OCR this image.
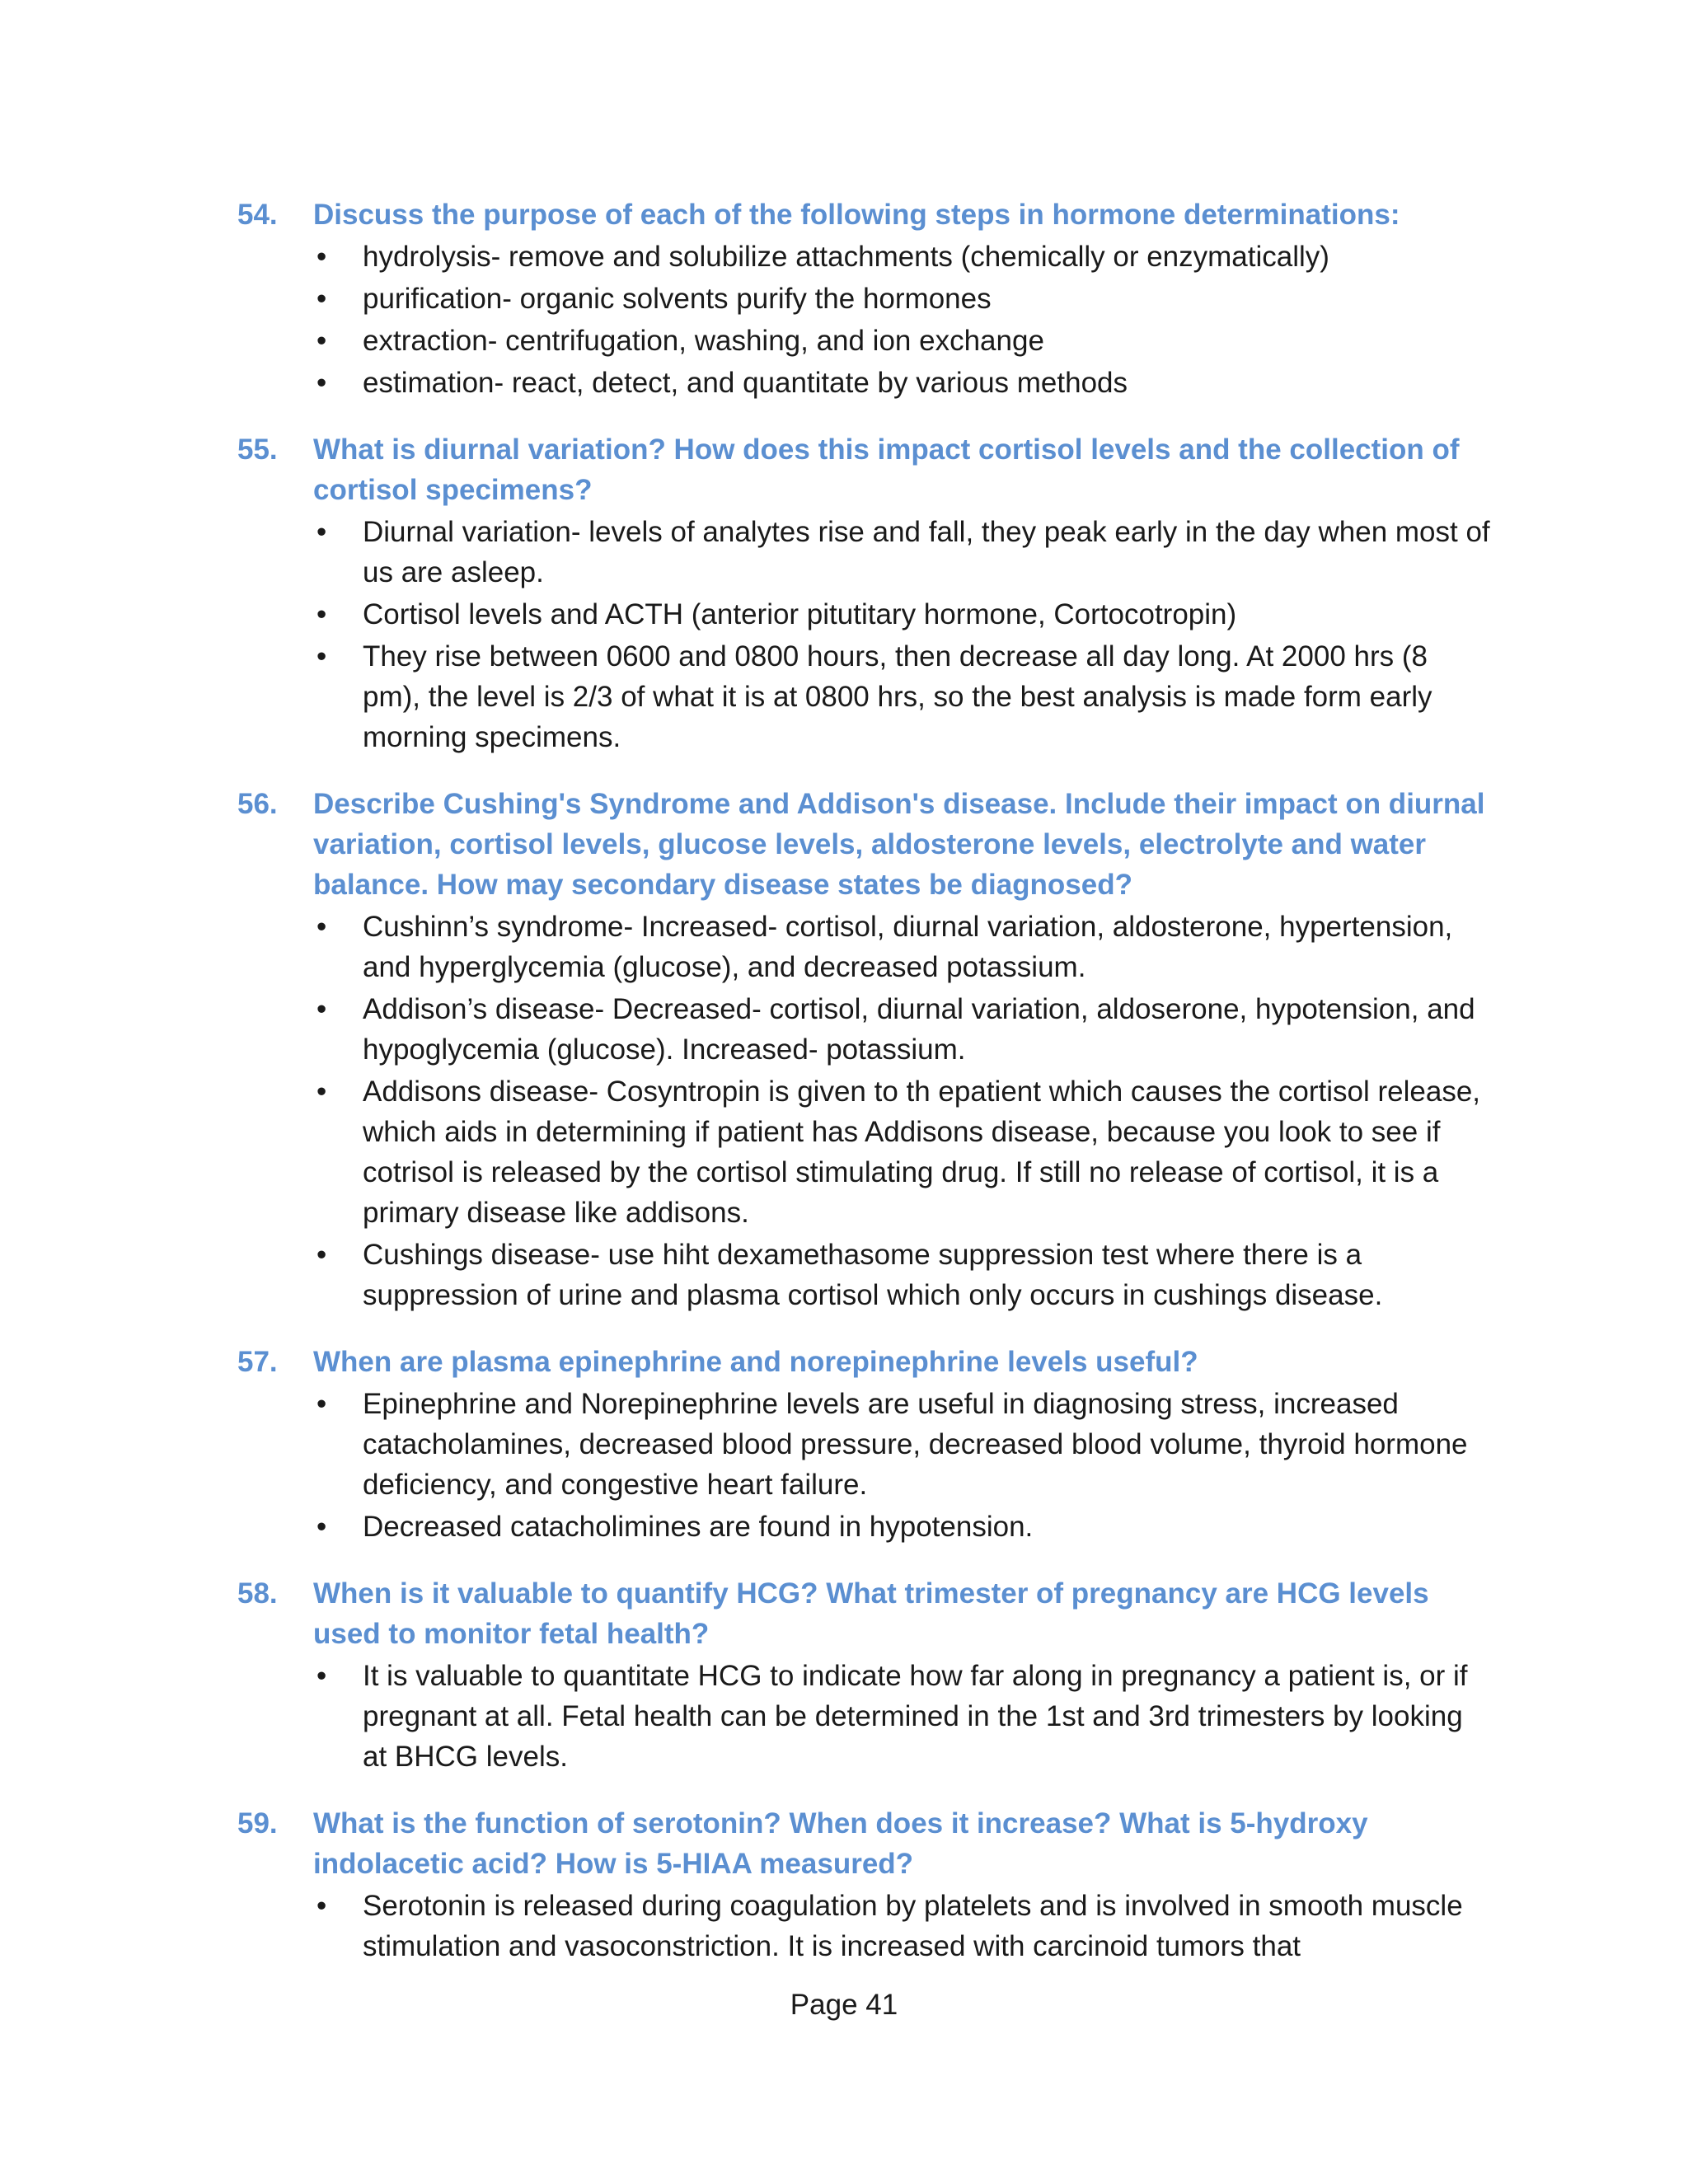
54.	Discuss the purpose of each of the following steps in hormone determinations:
• hydrolysis- remove and solubilize attachments (chemically or enzymatically)
• purification- organic solvents purify the hormones
• extraction- centrifugation, washing, and ion exchange
• estimation- react, detect, and quantitate by various methods
55.	What is diurnal variation? How does this impact cortisol levels and the collection of cortisol specimens?
• Diurnal variation- levels of analytes rise and fall, they peak early in the day when most of us are asleep.
• Cortisol levels and ACTH (anterior pitutitary hormone, Cortocotropin)
• They rise between 0600 and 0800 hours, then decrease all day long. At 2000 hrs (8 pm), the level is 2/3 of what it is at 0800 hrs, so the best analysis is made form early morning specimens.
56.	Describe Cushing's Syndrome and Addison's disease. Include their impact on diurnal variation, cortisol levels, glucose levels, aldosterone levels, electrolyte and water balance. How may secondary disease states be diagnosed?
• Cushinn’s syndrome- Increased- cortisol, diurnal variation, aldosterone, hypertension, and hyperglycemia (glucose), and decreased potassium.
• Addison’s disease- Decreased- cortisol, diurnal variation, aldoserone, hypotension, and hypoglycemia (glucose). Increased- potassium.
• Addisons disease- Cosyntropin is given to th epatient which causes the cortisol release, which aids in determining if patient has Addisons disease, because you look to see if cotrisol is released by the cortisol stimulating drug. If still no release of cortisol, it is a primary disease like addisons.
• Cushings disease- use hiht dexamethasome suppression test where there is a suppression of urine and plasma cortisol which only occurs in cushings disease.
57.	When are plasma epinephrine and norepinephrine levels useful?
• Epinephrine and Norepinephrine levels are useful in diagnosing stress, increased catacholamines, decreased blood pressure, decreased blood volume, thyroid hormone deficiency, and congestive heart failure.
• Decreased catacholimines are found in hypotension.
58.	When is it valuable to quantify HCG? What trimester of pregnancy are HCG levels used to monitor fetal health?
• It is valuable to quantitate HCG to indicate how far along in pregnancy a patient is, or if pregnant at all. Fetal health can be determined in the 1st and 3rd trimesters by looking at BHCG levels.
59.	What is the function of serotonin? When does it increase? What is 5-hydroxy indolacetic acid? How is 5-HIAA measured?
• Serotonin is released during coagulation by platelets and is involved in smooth muscle stimulation and vasoconstriction. It is increased with carcinoid tumors that
Page 41
